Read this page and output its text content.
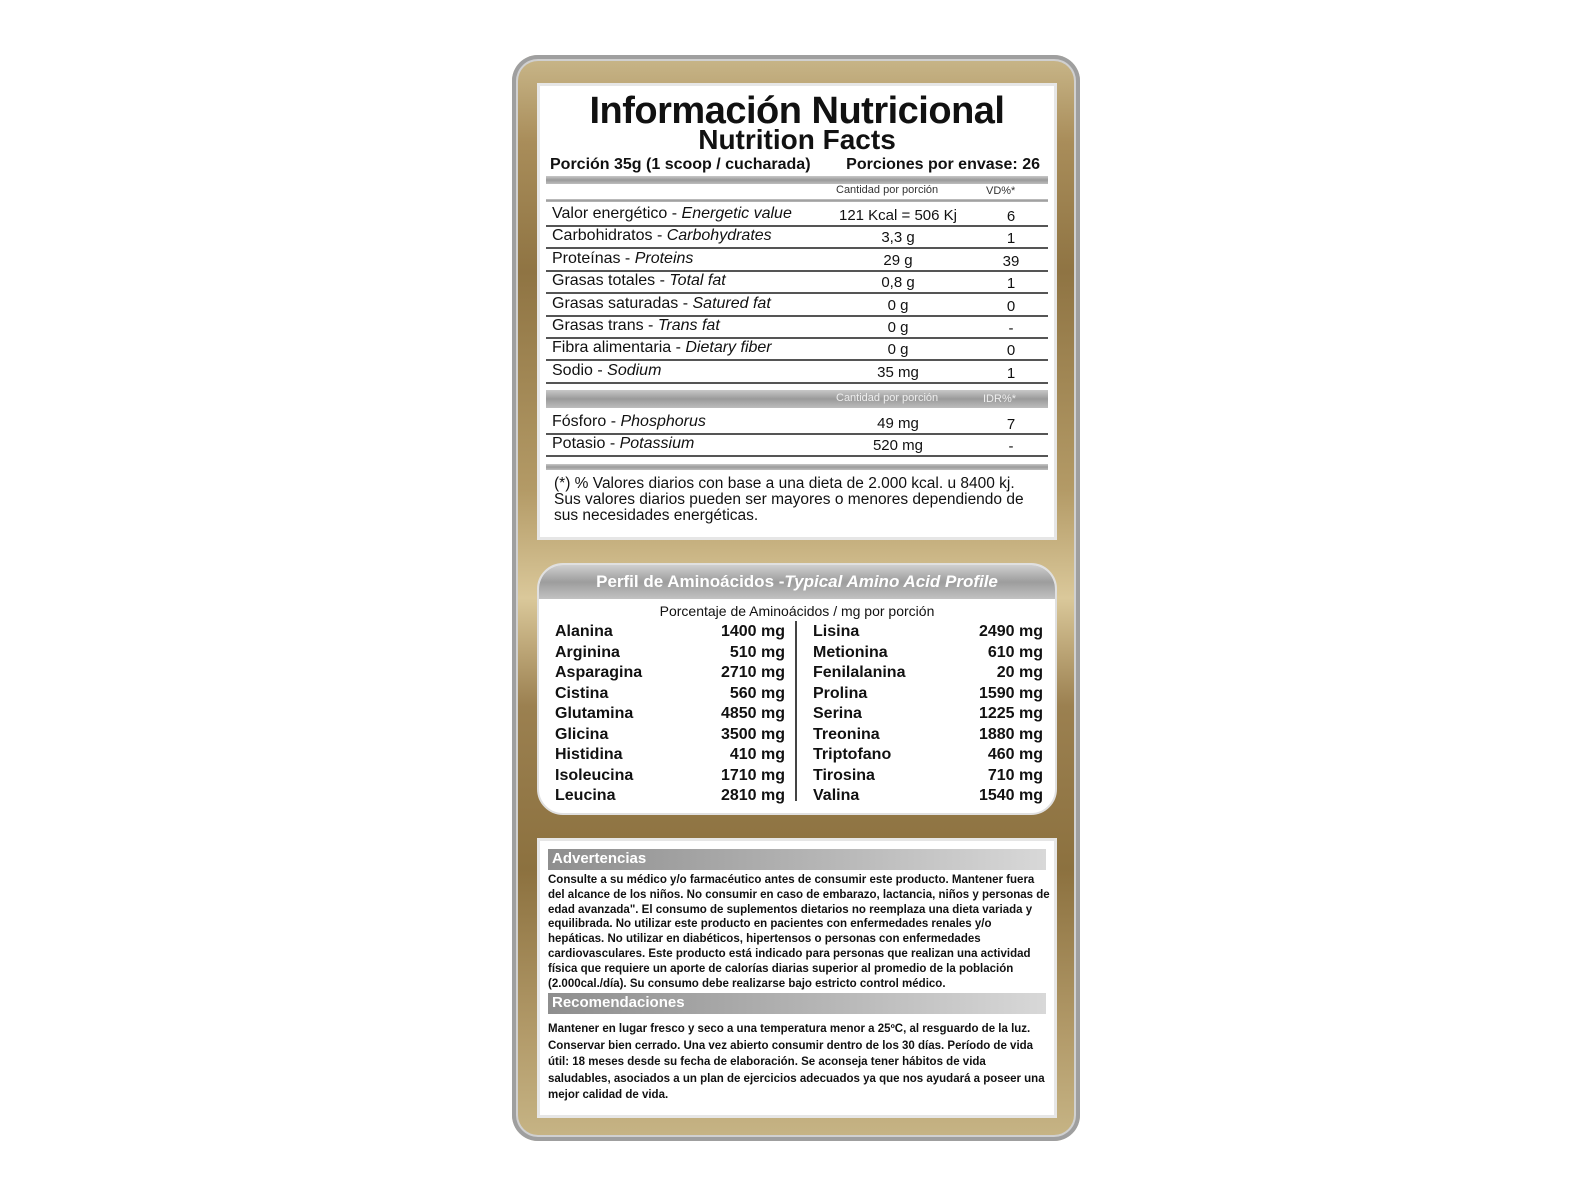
Información Nutricional
Nutrition Facts
Porción 35g (1 scoop / cucharada) Porciones por envase: 26
Cantidad por porción	VD%*
Valor energético - Energetic value	121 Kcal = 506 Kj	6
Carbohidratos - Carbohydrates	3,3 g	1
Proteínas - Proteins	29 g	39
Grasas totales - Total fat	0,8 g	1
Grasas saturadas - Satured fat	0 g	0
Grasas trans - Trans fat	0 g	-
Fibra alimentaria - Dietary fiber	0 g	0
Sodio - Sodium	35 mg	1
Cantidad por porción	IDR%*
Fósforo - Phosphorus	49 mg	7
Potasio - Potassium	520 mg	-
(*) % Valores diarios con base a una dieta de 2.000 kcal. u 8400 kj. Sus valores diarios pueden ser mayores o menores dependiendo de sus necesidades energéticas.
Perfil de Aminoácidos -Typical Amino Acid Profile
Porcentaje de Aminoácidos / mg por porción
Alanina	1400 mg
Arginina	510 mg
Asparagina	2710 mg
Cistina	560 mg
Glutamina	4850 mg
Glicina	3500 mg
Histidina	410 mg
Isoleucina	1710 mg
Leucina	2810 mg
Lisina	2490 mg
Metionina	610 mg
Fenilalanina	20 mg
Prolina	1590 mg
Serina	1225 mg
Treonina	1880 mg
Triptofano	460 mg
Tirosina	710 mg
Valina	1540 mg
Advertencias
Consulte a su médico y/o farmacéutico antes de consumir este producto. Mantener fuera del alcance de los niños. No consumir en caso de embarazo, lactancia, niños y personas de edad avanzada". El consumo de suplementos dietarios no reemplaza una dieta variada y equilibrada. No utilizar este producto en pacientes con enfermedades renales y/o hepáticas. No utilizar en diabéticos, hipertensos o personas con enfermedades cardiovasculares. Este producto está indicado para personas que realizan una actividad física que requiere un aporte de calorías diarias superior al promedio de la población (2.000cal./día). Su consumo debe realizarse bajo estricto control médico.
Recomendaciones
Mantener en lugar fresco y seco a una temperatura menor a 25ºC, al resguardo de la luz. Conservar bien cerrado. Una vez abierto consumir dentro de los 30 días. Período de vida útil: 18 meses desde su fecha de elaboración. Se aconseja tener hábitos de vida saludables, asociados a un plan de ejercicios adecuados ya que nos ayudará a poseer una mejor calidad de vida.
